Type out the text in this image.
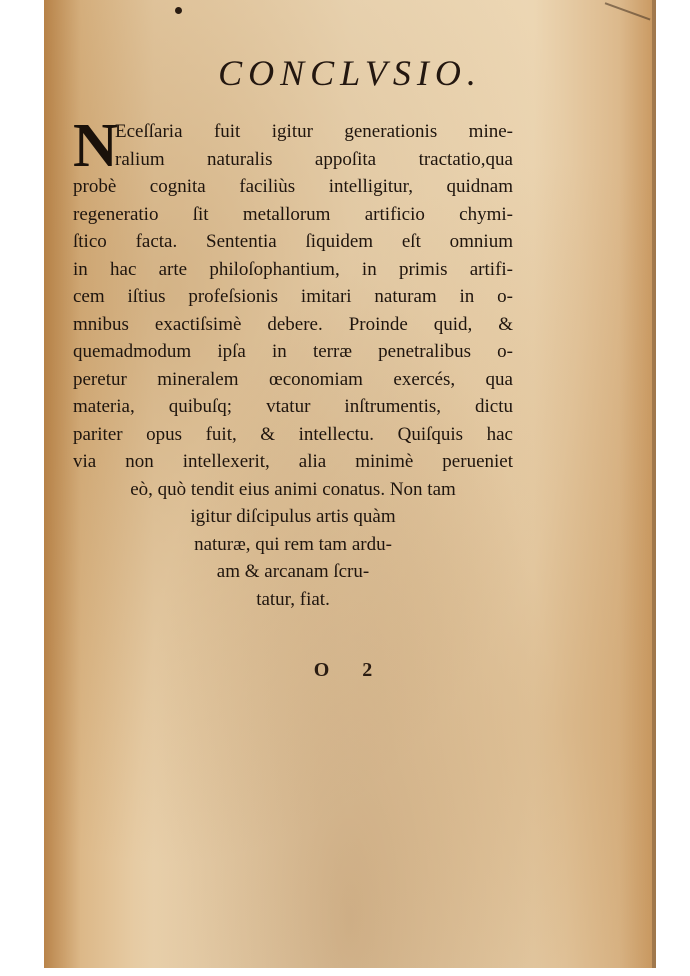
CONCLVSIO.
N
Eceſſaria fuit igitur generationis mine-
ralium naturalis appoſita tractatio,qua
probè cognita faciliùs intelligitur, quidnam
regeneratio ſit metallorum artificio chymi-
ſtico facta. Sententia ſiquidem eſt omnium
in hac arte philoſophantium, in primis artifi-
cem iſtius profeſsionis imitari naturam in o-
mnibus exactiſsimè debere. Proinde quid, &
quemadmodum ipſa in terræ penetralibus o-
peretur mineralem œconomiam exercés, qua
materia, quibuſq; vtatur inſtrumentis, dictu
pariter opus fuit, & intellectu. Quiſquis hac
via non intellexerit, alia minimè perueniet
eò, quò tendit eius animi conatus. Non tam
igitur diſcipulus artis quàm
naturæ, qui rem tam ardu-
am & arcanam ſcru-
tatur, fiat.
O 2
